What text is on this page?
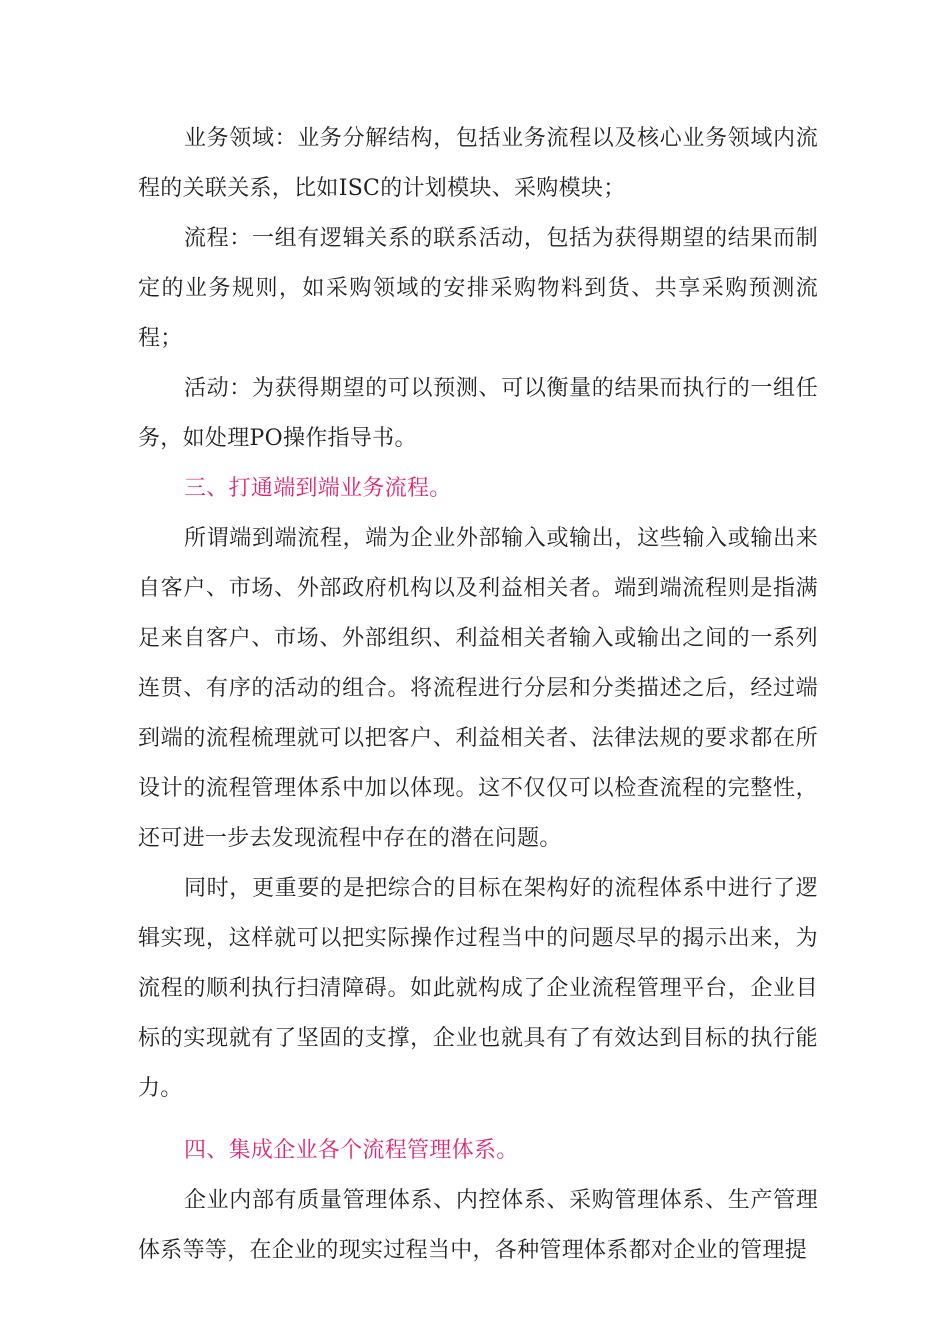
业务领域：业务分解结构，包括业务流程以及核心业务领域内流程的关联关系，比如ISC的计划模块、采购模块；

流程：一组有逻辑关系的联系活动，包括为获得期望的结果而制定的业务规则，如采购领域的安排采购物料到货、共享采购预测流程；

活动：为获得期望的可以预测、可以衡量的结果而执行的一组任务，如处理PO操作指导书。

三、打通端到端业务流程。

所谓端到端流程，端为企业外部输入或输出，这些输入或输出来自客户、市场、外部政府机构以及利益相关者。端到端流程则是指满足来自客户、市场、外部组织、利益相关者输入或输出之间的一系列连贯、有序的活动的组合。将流程进行分层和分类描述之后，经过端到端的流程梳理就可以把客户、利益相关者、法律法规的要求都在所设计的流程管理体系中加以体现。这不仅仅可以检查流程的完整性，还可进一步去发现流程中存在的潜在问题。

同时，更重要的是把综合的目标在架构好的流程体系中进行了逻辑实现，这样就可以把实际操作过程当中的问题尽早的揭示出来，为流程的顺利执行扫清障碍。如此就构成了企业流程管理平台，企业目标的实现就有了坚固的支撑，企业也就具有了有效达到目标的执行能力。

四、集成企业各个流程管理体系。

企业内部有质量管理体系、内控体系、采购管理体系、生产管理体系等等，在企业的现实过程当中，各种管理体系都对企业的管理提
